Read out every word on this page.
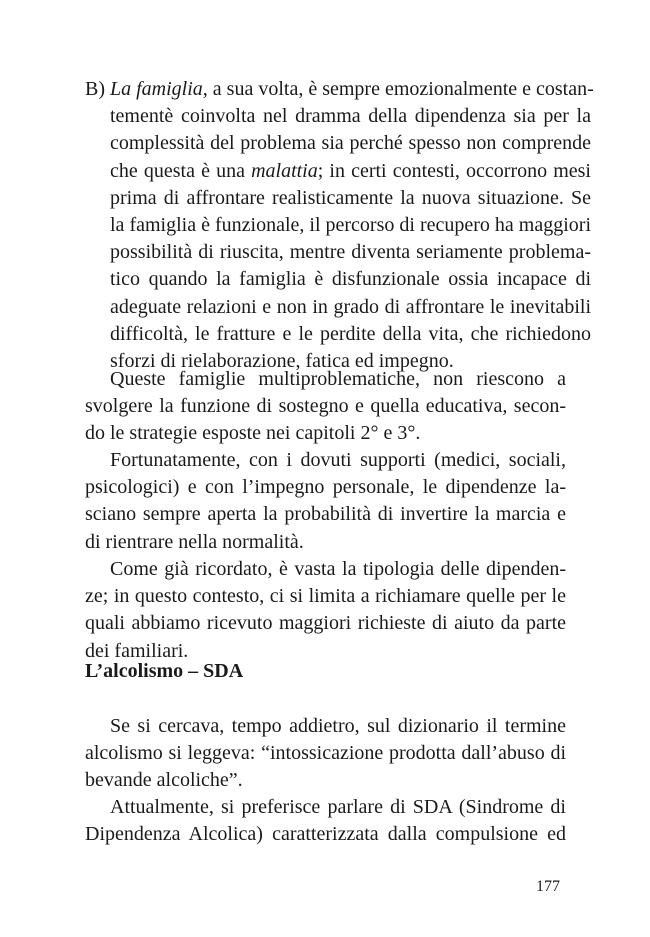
B) La famiglia, a sua volta, è sempre emozionalmente e costan-
tementè coinvolta nel dramma della dipendenza sia per la
complessità del problema sia perché spesso non comprende
che questa è una malattia; in certi contesti, occorrono mesi
prima di affrontare realisticamente la nuova situazione. Se
la famiglia è funzionale, il percorso di recupero ha maggiori
possibilità di riuscita, mentre diventa seriamente problema-
tico quando la famiglia è disfunzionale ossia incapace di
adeguate relazioni e non in grado di affrontare le inevitabili
difficoltà, le fratture e le perdite della vita, che richiedono
sforzi di rielaborazione, fatica ed impegno.
Queste famiglie multiproblematiche, non riescono a
svolgere la funzione di sostegno e quella educativa, secon-
do le strategie esposte nei capitoli 2° e 3°.
Fortunatamente, con i dovuti supporti (medici, sociali,
psicologici) e con l’impegno personale, le dipendenze la-
sciano sempre aperta la probabilità di invertire la marcia e
di rientrare nella normalità.
Come già ricordato, è vasta la tipologia delle dipenden-
ze; in questo contesto, ci si limita a richiamare quelle per le
quali abbiamo ricevuto maggiori richieste di aiuto da parte
dei familiari.
L’alcolismo – SDA
Se si cercava, tempo addietro, sul dizionario il termine
alcolismo si leggeva: “intossicazione prodotta dall’abuso di
bevande alcoliche”.
Attualmente, si preferisce parlare di SDA (Sindrome di
Dipendenza Alcolica) caratterizzata dalla compulsione ed
177
